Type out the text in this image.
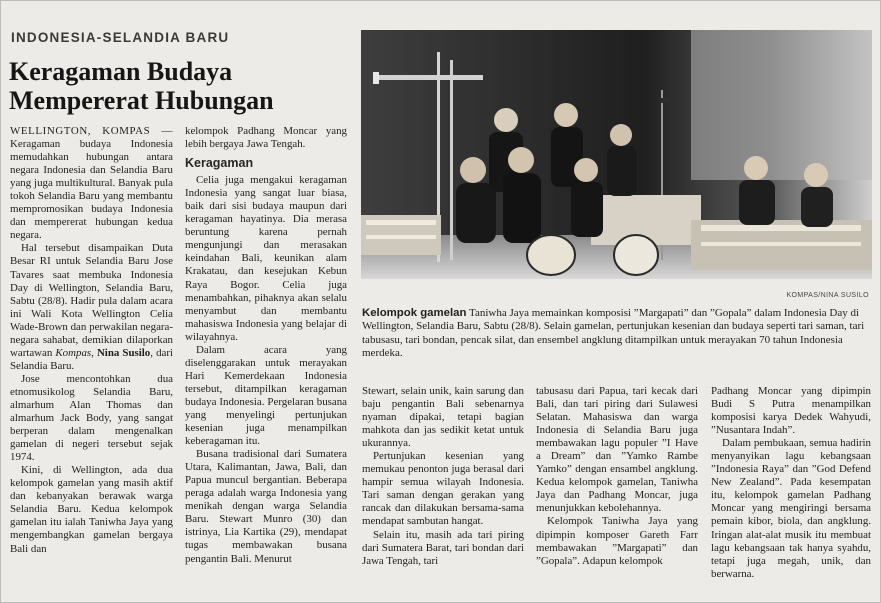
INDONESIA-SELANDIA BARU
Keragaman Budaya
Mempererat Hubungan

WELLINGTON, KOMPAS — Keragaman budaya Indonesia memudahkan hubungan antara negara Indonesia dan Selandia Baru yang juga multikultural. Banyak pula tokoh Selandia Baru yang membantu mempromosikan budaya Indonesia dan mempererat hubungan kedua negara.

Hal tersebut disampaikan Duta Besar RI untuk Selandia Baru Jose Tavares saat membuka Indonesia Day di Wellington, Selandia Baru, Sabtu (28/8). Hadir pula dalam acara ini Wali Kota Wellington Celia Wade-Brown dan perwakilan negara-negara sahabat, demikian dilaporkan wartawan Kompas, Nina Susilo, dari Selandia Baru.

Jose mencontohkan dua etnomusikolog Selandia Baru, almarhum Alan Thomas dan almarhum Jack Body, yang sangat berperan dalam mengenalkan gamelan di negeri tersebut sejak 1974.

Kini, di Wellington, ada dua kelompok gamelan yang masih aktif dan kebanyakan berawak warga Selandia Baru. Kedua kelompok gamelan itu ialah Taniwha Jaya yang mengembangkan gamelan bergaya Bali dan

kelompok Padhang Moncar yang lebih bergaya Jawa Tengah.

Keragaman

Celia juga mengakui keragaman Indonesia yang sangat luar biasa, baik dari sisi budaya maupun dari keragaman hayatinya. Dia merasa beruntung karena pernah mengunjungi dan merasakan keindahan Bali, keunikan alam Krakatau, dan kesejukan Kebun Raya Bogor. Celia juga menambahkan, pihaknya akan selalu menyambut dan membantu mahasiswa Indonesia yang belajar di wilayahnya.

Dalam acara yang diselenggarakan untuk merayakan Hari Kemerdekaan Indonesia tersebut, ditampilkan keragaman budaya Indonesia. Pergelaran busana yang menyelingi pertunjukan kesenian juga menampilkan keberagaman itu.

Busana tradisional dari Sumatera Utara, Kalimantan, Jawa, Bali, dan Papua muncul bergantian. Beberapa peraga adalah warga Indonesia yang menikah dengan warga Selandia Baru. Stewart Munro (30) dan istrinya, Lia Kartika (29), mendapat tugas membawakan busana pengantin Bali. Menurut

KOMPAS/NINA SUSILO
Kelompok gamelan Taniwha Jaya memainkan komposisi ”Margapati” dan ”Gopala” dalam Indonesia Day di Wellington, Selandia Baru, Sabtu (28/8). Selain gamelan, pertunjukan kesenian dan budaya seperti tari saman, tari tabusasu, tari bondan, pencak silat, dan ensembel angklung ditampilkan untuk merayakan 70 tahun Indonesia merdeka.

Stewart, selain unik, kain sarung dan baju pengantin Bali sebenarnya nyaman dipakai, tetapi bagian mahkota dan jas sedikit ketat untuk ukurannya.

Pertunjukan kesenian yang memukau penonton juga berasal dari hampir semua wilayah Indonesia. Tari saman dengan gerakan yang rancak dan dilakukan bersama-sama mendapat sambutan hangat.

Selain itu, masih ada tari piring dari Sumatera Barat, tari bondan dari Jawa Tengah, tari

tabusasu dari Papua, tari kecak dari Bali, dan tari piring dari Sulawesi Selatan. Mahasiswa dan warga Indonesia di Selandia Baru juga membawakan lagu populer ”I Have a Dream” dan ”Yamko Rambe Yamko” dengan ensambel angklung. Kedua kelompok gamelan, Taniwha Jaya dan Padhang Moncar, juga menunjukkan kebolehannya.

Kelompok Taniwha Jaya yang dipimpin komposer Gareth Farr membawakan ”Margapati” dan ”Gopala”. Adapun kelompok

Padhang Moncar yang dipimpin Budi S Putra menampilkan komposisi karya Dedek Wahyudi, ”Nusantara Indah”.

Dalam pembukaan, semua hadirin menyanyikan lagu kebangsaan ”Indonesia Raya” dan ”God Defend New Zealand”. Pada kesempatan itu, kelompok gamelan Padhang Moncar yang mengiringi bersama pemain kibor, biola, dan angklung. Iringan alat-alat musik itu membuat lagu kebangsaan tak hanya syahdu, tetapi juga megah, unik, dan berwarna.
